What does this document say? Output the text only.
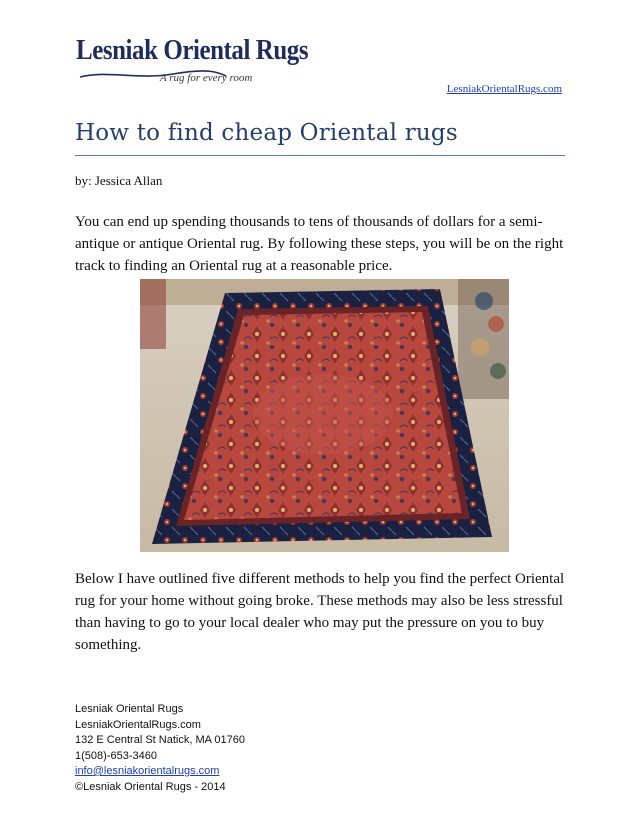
Lesniak Oriental Rugs
A rug for every room
LesniakOrientalRugs.com
How to find cheap Oriental rugs
by: Jessica Allan

You can end up spending thousands to tens of thousands of dollars for a semi-antique or antique Oriental rug. By following these steps, you will be on the right track to finding an Oriental rug at a reasonable price.

Below I have outlined five different methods to help you find the perfect Oriental rug for your home without going broke. These methods may also be less stressful than having to go to your local dealer who may put the pressure on you to buy something.

Lesniak Oriental Rugs
LesniakOrientalRugs.com
132 E Central St Natick, MA 01760
1(508)-653-3460
info@lesniakorientalrugs.com
©Lesniak Oriental Rugs - 2014
